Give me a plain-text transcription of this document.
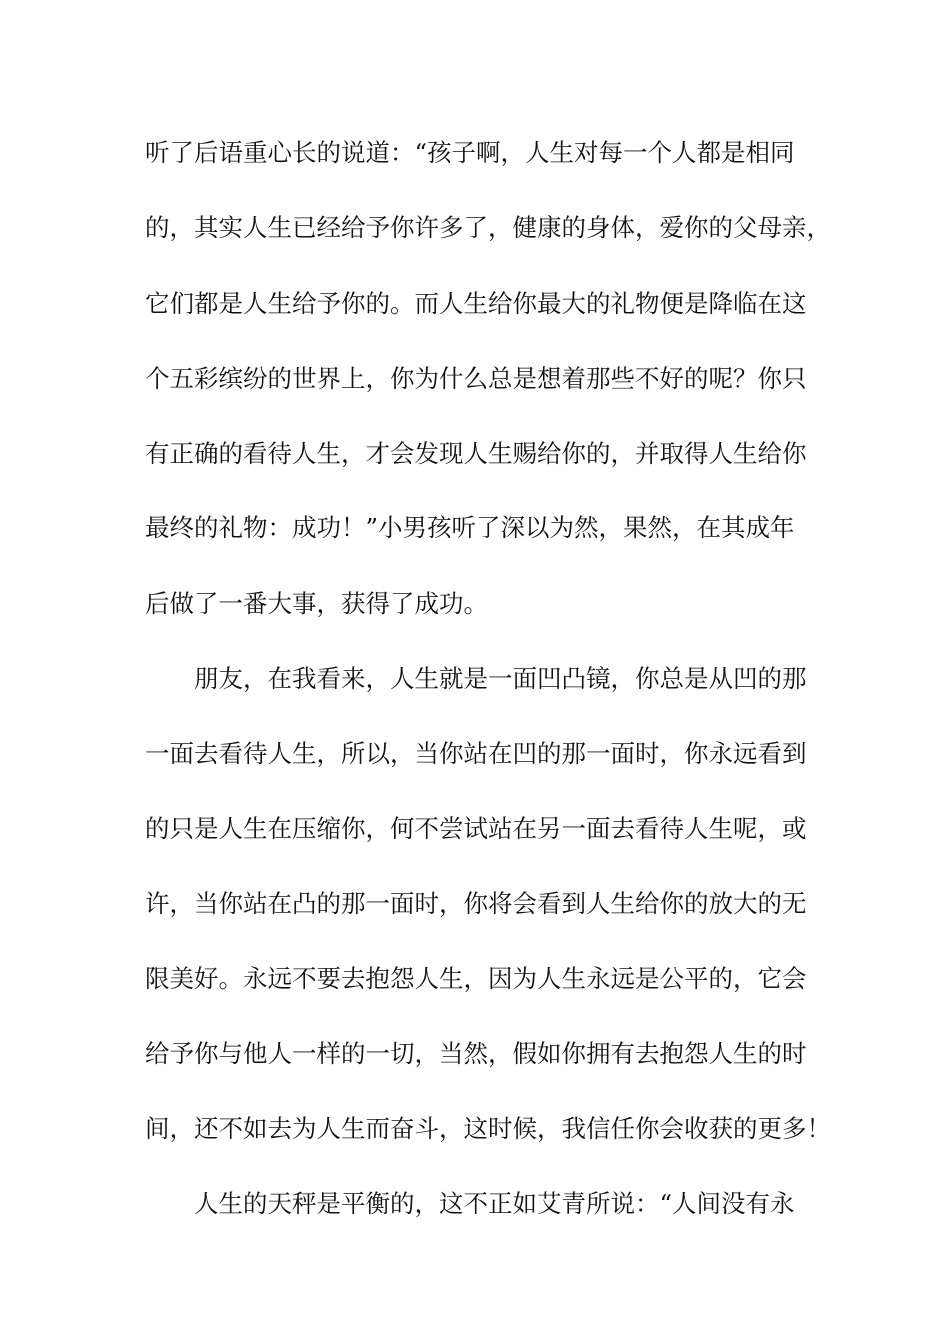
听了后语重心长的说道：“孩子啊，人生对每一个人都是相同
的，其实人生已经给予你许多了，健康的身体，爱你的父母亲，
它们都是人生给予你的。而人生给你最大的礼物便是降临在这
个五彩缤纷的世界上，你为什么总是想着那些不好的呢？你只
有正确的看待人生，才会发现人生赐给你的，并取得人生给你
最终的礼物：成功！”小男孩听了深以为然，果然，在其成年
后做了一番大事，获得了成功。
朋友，在我看来，人生就是一面凹凸镜，你总是从凹的那
一面去看待人生，所以，当你站在凹的那一面时，你永远看到
的只是人生在压缩你，何不尝试站在另一面去看待人生呢，或
许，当你站在凸的那一面时，你将会看到人生给你的放大的无
限美好。永远不要去抱怨人生，因为人生永远是公平的，它会
给予你与他人一样的一切，当然，假如你拥有去抱怨人生的时
间，还不如去为人生而奋斗，这时候，我信任你会收获的更多！
人生的天秤是平衡的，这不正如艾青所说：“人间没有永
